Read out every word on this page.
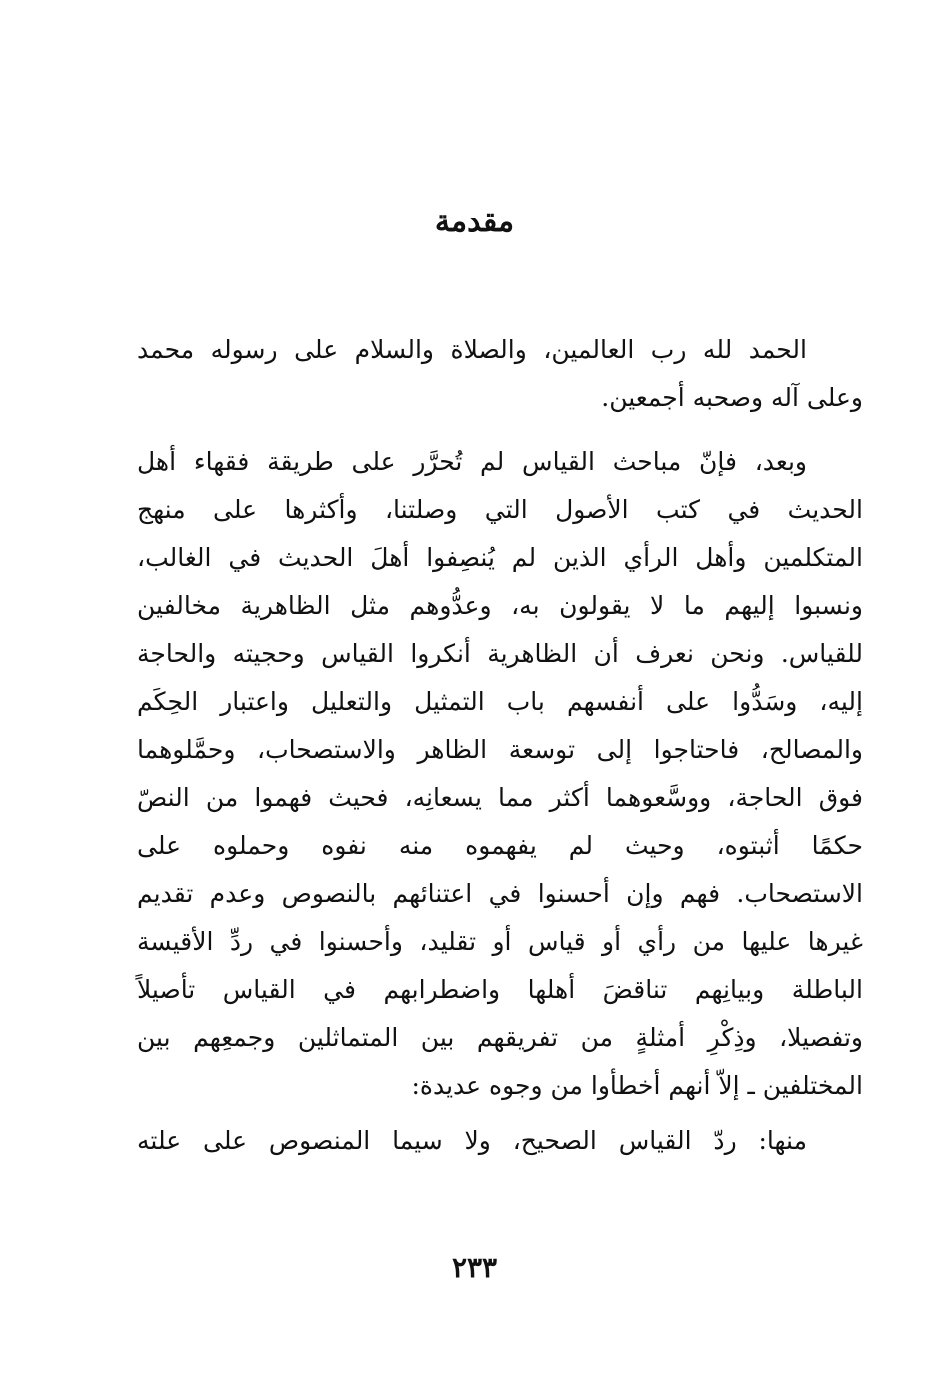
مقدمة

الحمد لله رب العالمين، والصلاة والسلام على رسوله محمد
وعلى آله وصحبه أجمعين.

وبعد، فإنّ مباحث القياس لم تُحرَّر على طريقة فقهاء أهل
الحديث في كتب الأصول التي وصلتنا، وأكثرها على منهج
المتكلمين وأهل الرأي الذين لم يُنصِفوا أهلَ الحديث في الغالب،
ونسبوا إليهم ما لا يقولون به، وعدُّوهم مثل الظاهرية مخالفين
للقياس. ونحن نعرف أن الظاهرية أنكروا القياس وحجيته والحاجة
إليه، وسَدُّوا على أنفسهم باب التمثيل والتعليل واعتبار الحِكَم
والمصالح، فاحتاجوا إلى توسعة الظاهر والاستصحاب، وحمَّلوهما
فوق الحاجة، ووسَّعوهما أكثر مما يسعانِه، فحيث فهموا من النصّ
حكمًا أثبتوه، وحيث لم يفهموه منه نفوه وحملوه على
الاستصحاب. فهم وإن أحسنوا في اعتنائهم بالنصوص وعدم تقديم
غيرها عليها من رأي أو قياس أو تقليد، وأحسنوا في ردِّ الأقيسة
الباطلة وبيانِهم تناقضَ أهلها واضطرابهم في القياس تأصيلاً
وتفصيلا، وذِكْرِ أمثلةٍ من تفريقهم بين المتماثلين وجمعِهم بين
المختلفين ـ إلاّ أنهم أخطأوا من وجوه عديدة:

منها: ردّ القياس الصحيح، ولا سيما المنصوص على علته

٢٣٣
